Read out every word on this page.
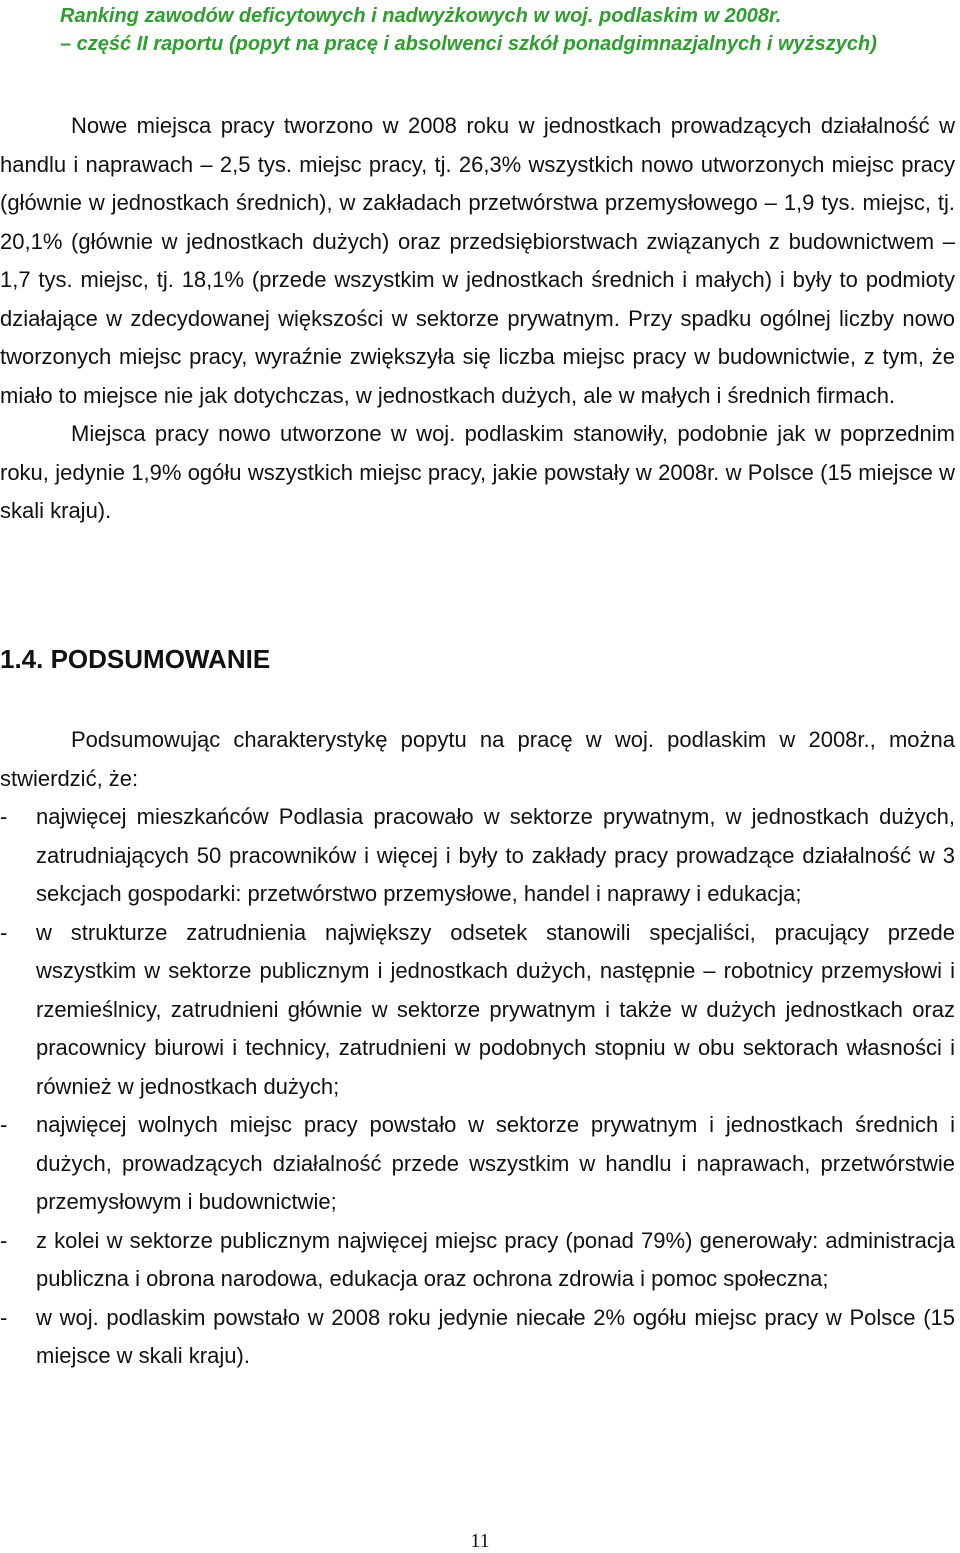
Ranking zawodów deficytowych i nadwyżkowych w woj. podlaskim w 2008r.
– część II raportu (popyt na pracę i absolwenci szkół ponadgimnazjalnych i wyższych)

Nowe miejsca pracy tworzono w 2008 roku w jednostkach prowadzących działalność w handlu i naprawach – 2,5 tys. miejsc pracy, tj. 26,3% wszystkich nowo utworzonych miejsc pracy (głównie w jednostkach średnich), w zakładach przetwórstwa przemysłowego – 1,9 tys. miejsc, tj. 20,1% (głównie w jednostkach dużych) oraz przedsiębiorstwach związanych z budownictwem – 1,7 tys. miejsc, tj. 18,1% (przede wszystkim w jednostkach średnich i małych) i były to podmioty działające w zdecydowanej większości w sektorze prywatnym. Przy spadku ogólnej liczby nowo tworzonych miejsc pracy, wyraźnie zwiększyła się liczba miejsc pracy w budownictwie, z tym, że miało to miejsce nie jak dotychczas, w jednostkach dużych, ale w małych i średnich firmach.

Miejsca pracy nowo utworzone w woj. podlaskim stanowiły, podobnie jak w poprzednim roku, jedynie 1,9% ogółu wszystkich miejsc pracy, jakie powstały w 2008r. w Polsce (15 miejsce w skali kraju).

1.4. PODSUMOWANIE

Podsumowując charakterystykę popytu na pracę w woj. podlaskim w 2008r., można stwierdzić, że:

-	najwięcej mieszkańców Podlasia pracowało w sektorze prywatnym, w jednostkach dużych, zatrudniających 50 pracowników i więcej i były to zakłady pracy prowadzące działalność w 3 sekcjach gospodarki: przetwórstwo przemysłowe, handel i naprawy i edukacja;
-	w strukturze zatrudnienia największy odsetek stanowili specjaliści, pracujący przede wszystkim w sektorze publicznym i jednostkach dużych, następnie – robotnicy przemysłowi i rzemieślnicy, zatrudnieni głównie w sektorze prywatnym i także w dużych jednostkach oraz pracownicy biurowi i technicy, zatrudnieni w podobnych stopniu w obu sektorach własności i również w jednostkach dużych;
-	najwięcej wolnych miejsc pracy powstało w sektorze prywatnym i jednostkach średnich i dużych, prowadzących działalność przede wszystkim w handlu i naprawach, przetwórstwie przemysłowym i budownictwie;
-	z kolei w sektorze publicznym najwięcej miejsc pracy (ponad 79%) generowały: administracja publiczna i obrona narodowa, edukacja oraz ochrona zdrowia i pomoc społeczna;
-	w woj. podlaskim powstało w 2008 roku jedynie niecałe 2% ogółu miejsc pracy w Polsce (15 miejsce w skali kraju).
11
